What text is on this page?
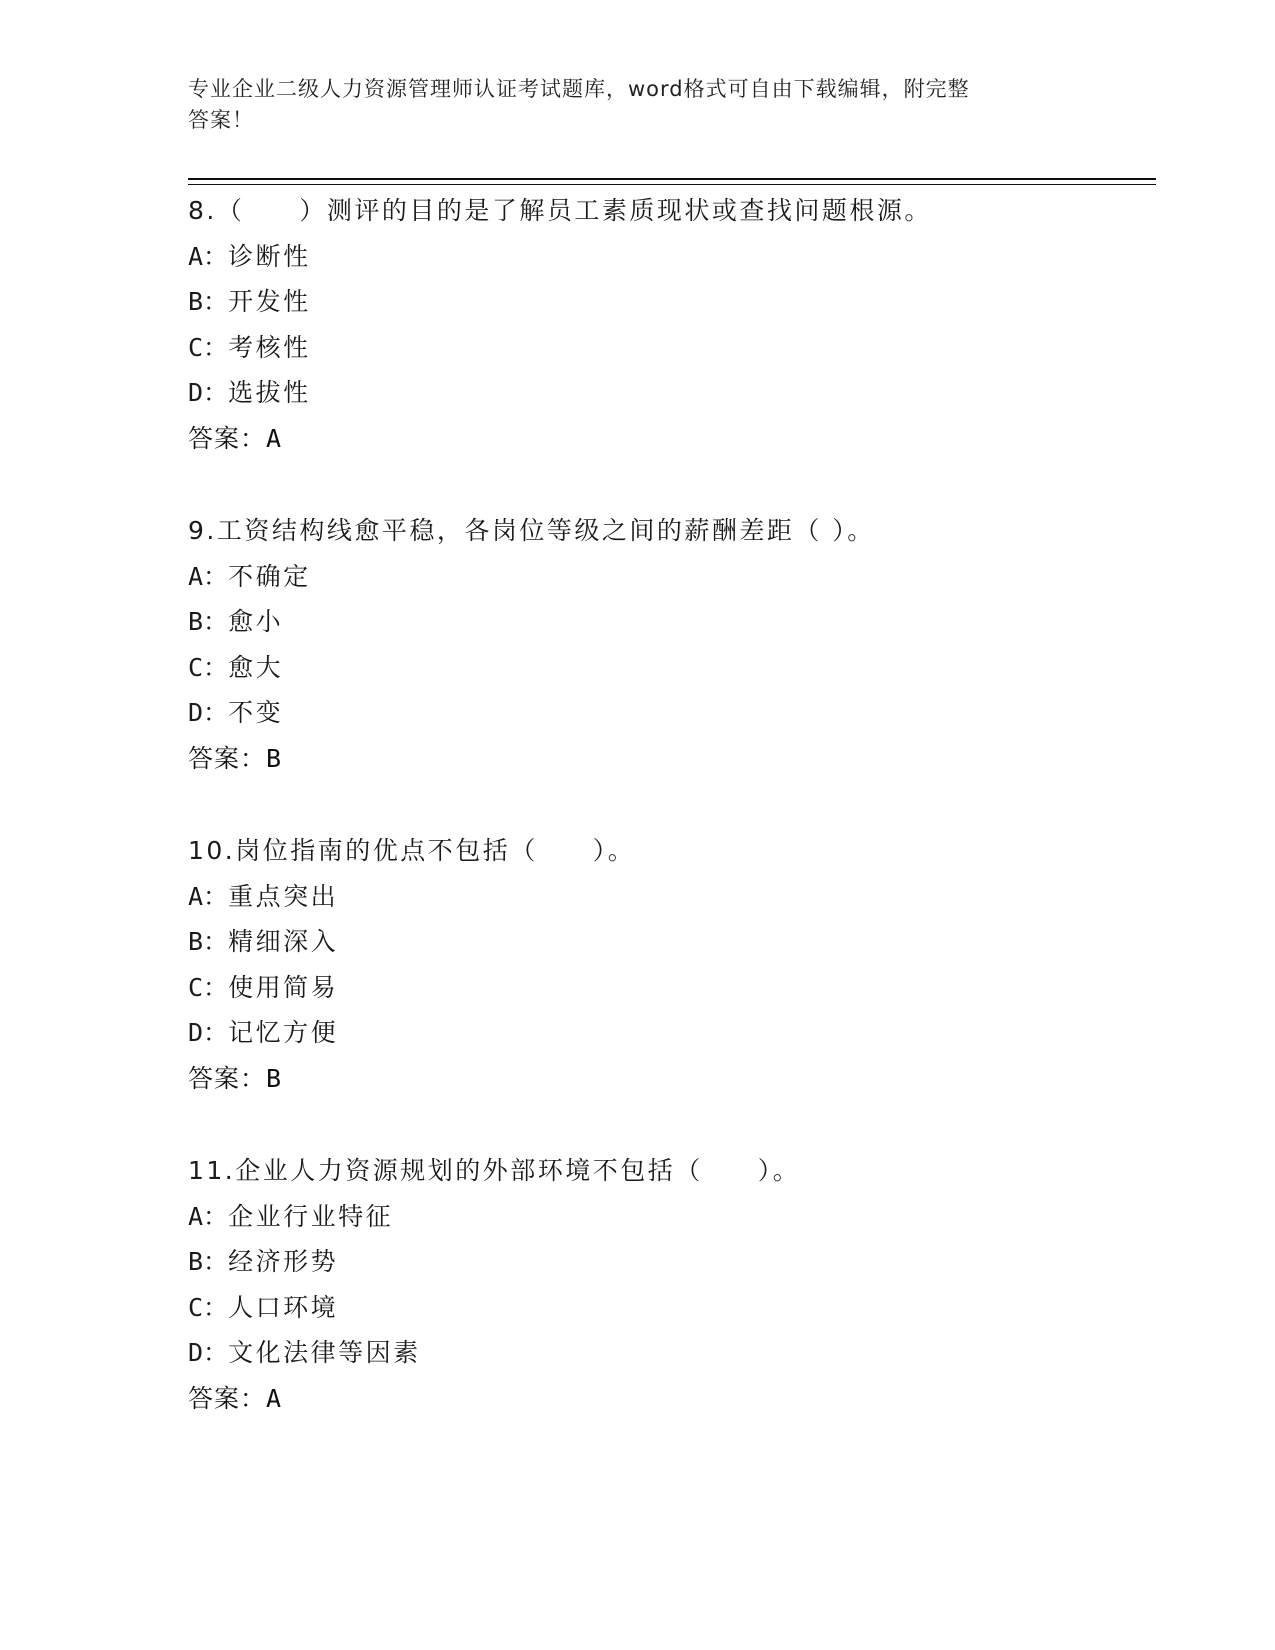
专业企业二级人力资源管理师认证考试题库，word格式可自由下载编辑，附完整
答案！
8.（　　）测评的目的是了解员工素质现状或查找问题根源。
A：诊断性
B：开发性
C：考核性
D：选拔性
答案：A
9.工资结构线愈平稳，各岗位等级之间的薪酬差距（ ）。
A：不确定
B：愈小
C：愈大
D：不变
答案：B
10.岗位指南的优点不包括（　　）。
A：重点突出
B：精细深入
C：使用简易
D：记忆方便
答案：B
11.企业人力资源规划的外部环境不包括（　　）。
A：企业行业特征
B：经济形势
C：人口环境
D：文化法律等因素
答案：A
